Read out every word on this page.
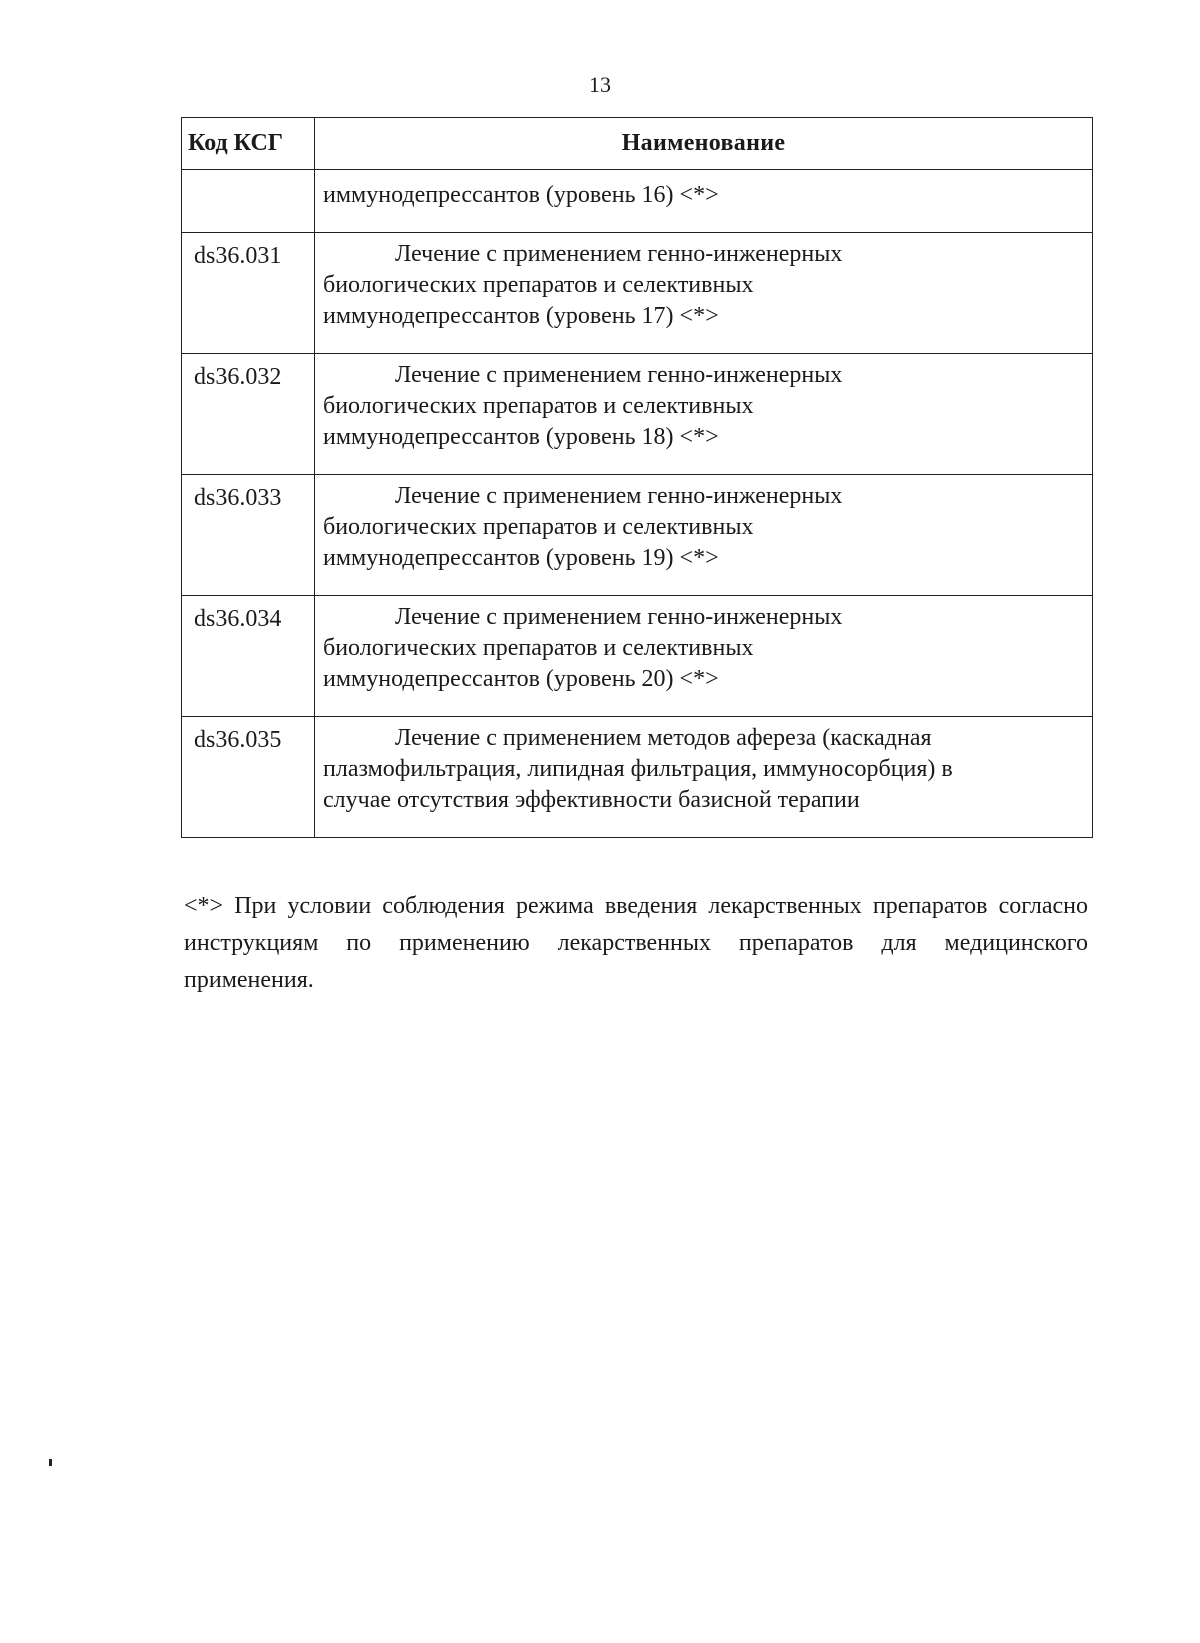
13
Код КСГ	Наименование
	иммунодепрессантов (уровень 16) <*>
ds36.031	Лечение с применением генно-инженерных
биологических препаратов и селективных
иммунодепрессантов (уровень 17) <*>
ds36.032	Лечение с применением генно-инженерных
биологических препаратов и селективных
иммунодепрессантов (уровень 18) <*>
ds36.033	Лечение с применением генно-инженерных
биологических препаратов и селективных
иммунодепрессантов (уровень 19) <*>
ds36.034	Лечение с применением генно-инженерных
биологических препаратов и селективных
иммунодепрессантов (уровень 20) <*>
ds36.035	Лечение с применением методов афереза (каскадная
плазмофильтрация, липидная фильтрация, иммуносорбция) в
случае отсутствия эффективности базисной терапии

<*> При условии соблюдения режима введения лекарственных препаратов согласно инструкциям по применению лекарственных препаратов для медицинского применения.
